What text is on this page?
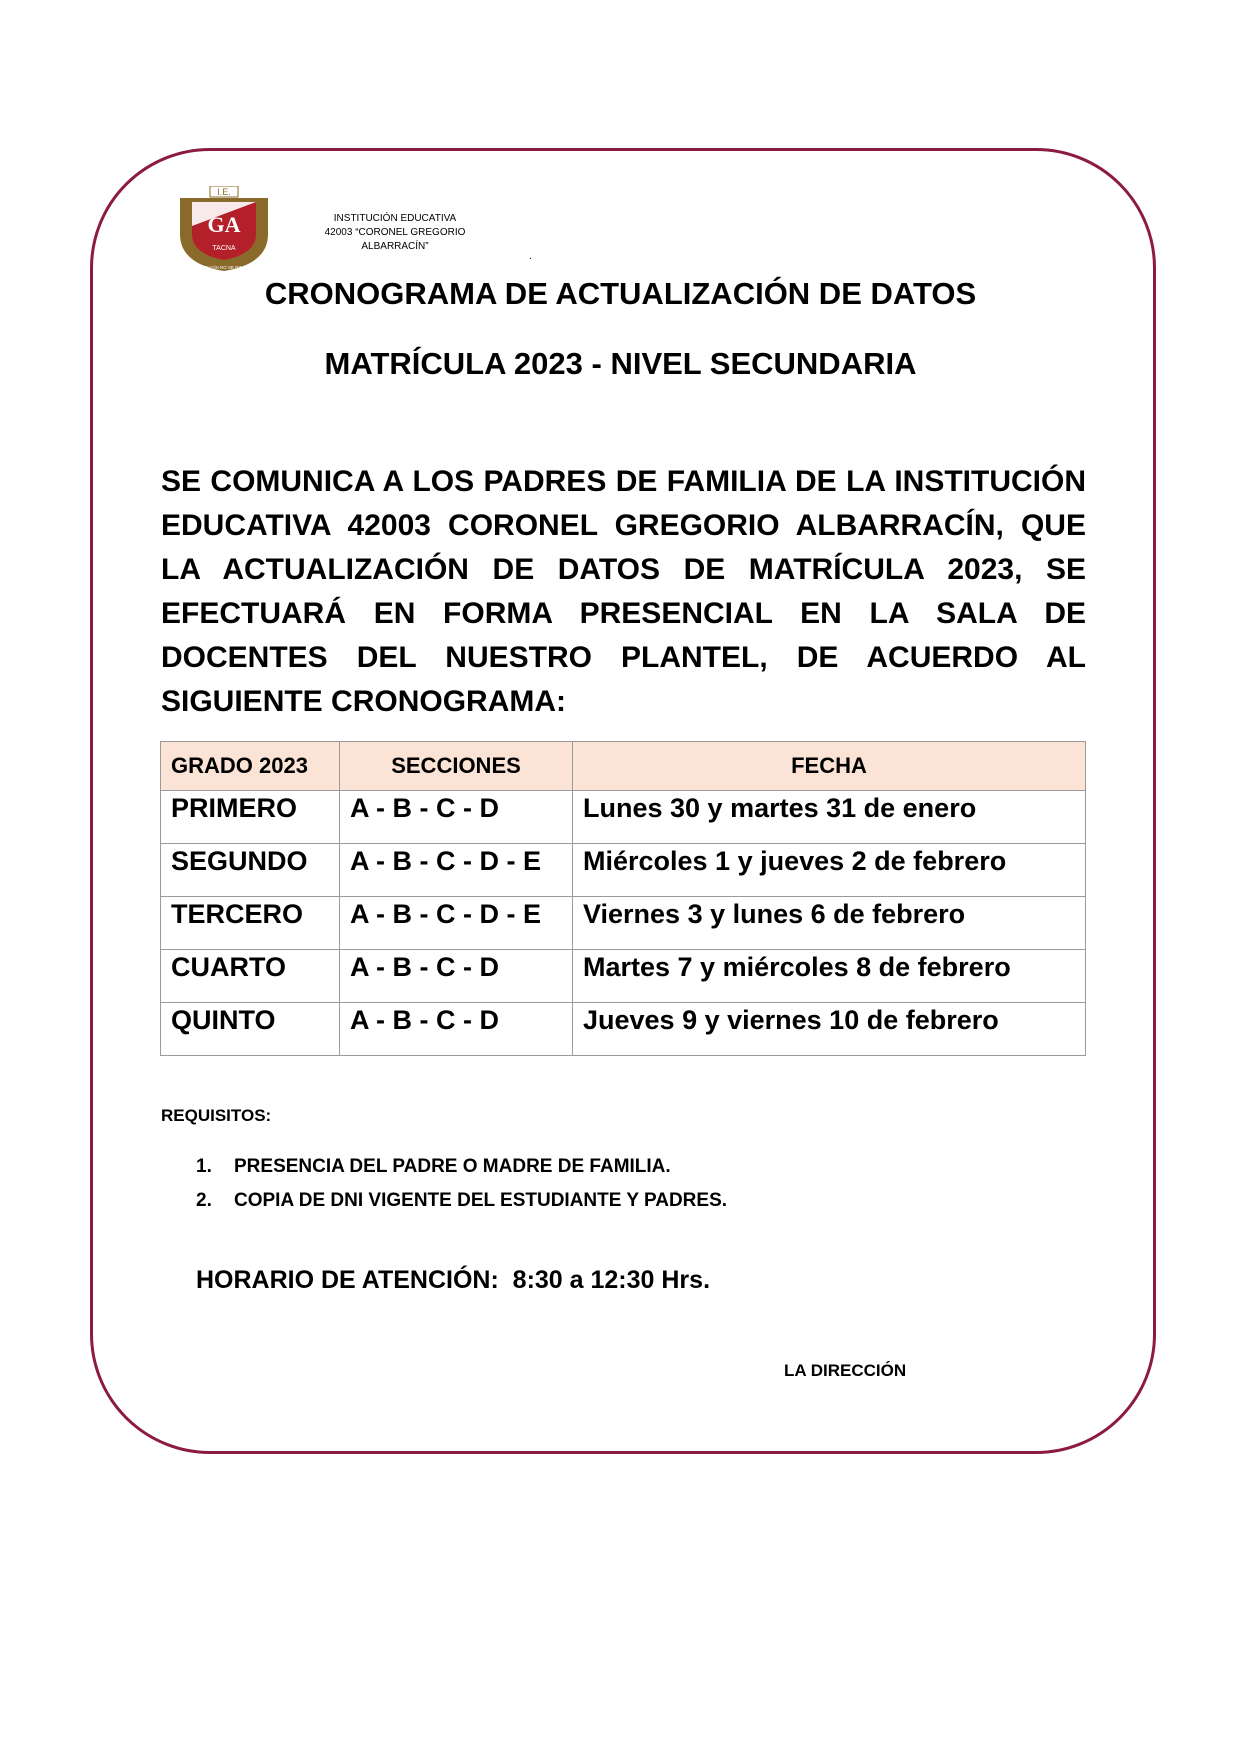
I.E.
GA
TACNA
UN ALBARRACÍN NO SE RINDE JAMÁS
INSTITUCIÓN EDUCATIVA
42003 “CORONEL GREGORIO ALBARRACÍN”
.
CRONOGRAMA DE ACTUALIZACIÓN DE DATOS
MATRÍCULA 2023 - NIVEL SECUNDARIA
SE COMUNICA A LOS PADRES DE FAMILIA DE LA INSTITUCIÓN EDUCATIVA 42003 CORONEL GREGORIO ALBARRACÍN, QUE LA ACTUALIZACIÓN DE DATOS DE MATRÍCULA 2023, SE EFECTUARÁ EN FORMA PRESENCIAL EN LA SALA DE DOCENTES DEL NUESTRO PLANTEL, DE ACUERDO AL SIGUIENTE CRONOGRAMA:
GRADO 2023	SECCIONES	FECHA
PRIMERO	A - B - C - D	Lunes 30 y martes 31 de enero
SEGUNDO	A - B - C - D - E	Miércoles 1 y jueves 2 de febrero
TERCERO	A - B - C - D - E	Viernes 3 y lunes 6 de febrero
CUARTO	A - B - C - D	Martes 7 y miércoles 8 de febrero
QUINTO	A - B - C - D	Jueves 9 y viernes 10 de febrero
REQUISITOS:
1.	PRESENCIA DEL PADRE O MADRE DE FAMILIA.
2.	COPIA DE DNI VIGENTE DEL ESTUDIANTE Y PADRES.
HORARIO DE ATENCIÓN:  8:30 a 12:30 Hrs.
LA DIRECCIÓN
